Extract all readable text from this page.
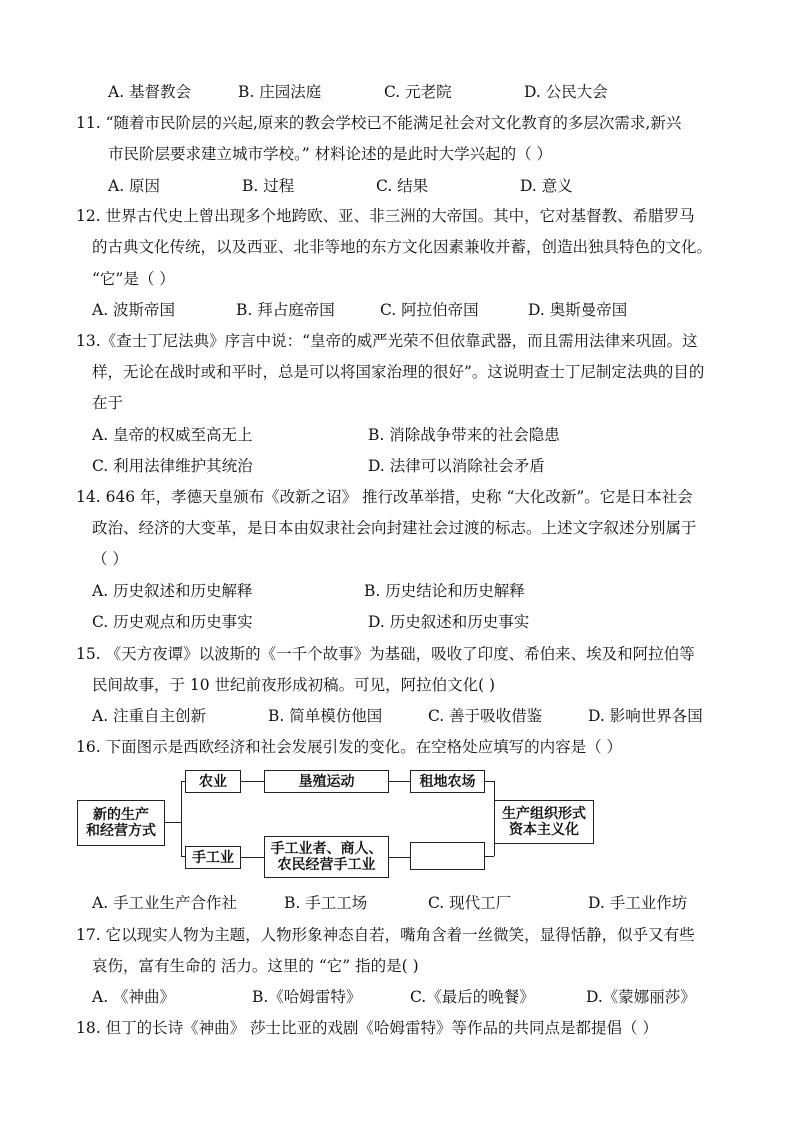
A. 基督教会	B. 庄园法庭	C. 元老院	D. 公民大会
11. “随着市民阶层的兴起,原来的教会学校已不能满足社会对文化教育的多层次需求,新兴
市民阶层要求建立城市学校。” 材料论述的是此时大学兴起的（ ）
A. 原因	B. 过程	C. 结果	D. 意义
12. 世界古代史上曾出现多个地跨欧、亚、非三洲的大帝国。其中，它对基督教、希腊罗马
的古典文化传统，以及西亚、北非等地的东方文化因素兼收并蓄，创造出独具特色的文化。
“它”是（ ）
A. 波斯帝国	B. 拜占庭帝国	C. 阿拉伯帝国	D. 奥斯曼帝国
13.《查士丁尼法典》序言中说：“皇帝的威严光荣不但依靠武器，而且需用法律来巩固。这
样，无论在战时或和平时，总是可以将国家治理的很好”。这说明查士丁尼制定法典的目的
在于
A. 皇帝的权威至高无上	B. 消除战争带来的社会隐患
C. 利用法律维护其统治	D. 法律可以消除社会矛盾
14. 646 年，孝德天皇颁布《改新之诏》 推行改革举措，史称 “大化改新”。它是日本社会
政治、经济的大变革，是日本由奴隶社会向封建社会过渡的标志。上述文字叙述分别属于
（ ）
A. 历史叙述和历史解释	B. 历史结论和历史解释
C. 历史观点和历史事实	D. 历史叙述和历史事实
15. 《天方夜谭》以波斯的《一千个故事》为基础，吸收了印度、希伯来、埃及和阿拉伯等
民间故事，于 10 世纪前夜形成初稿。可见，阿拉伯文化( )
A. 注重自主创新	B. 简单模仿他国	C. 善于吸收借鉴	D. 影响世界各国
16. 下面图示是西欧经济和社会发展引发的变化。在空格处应填写的内容是（ ）
新的生产
和经营方式
农业	垦殖运动	租地农场
手工业
手工业者、商人、
农民经营手工业
生产组织形式
资本主义化
A. 手工业生产合作社	B. 手工工场	C. 现代工厂	D. 手工业作坊
17. 它以现实人物为主题，人物形象神态自若，嘴角含着一丝微笑，显得恬静，似乎又有些
哀伤，富有生命的 活力。这里的 “它” 指的是( )
A. 《神曲》	B.《哈姆雷特》	C.《最后的晚餐》	D.《蒙娜丽莎》
18. 但丁的长诗《神曲》 莎士比亚的戏剧《哈姆雷特》等作品的共同点是都提倡（ ）
